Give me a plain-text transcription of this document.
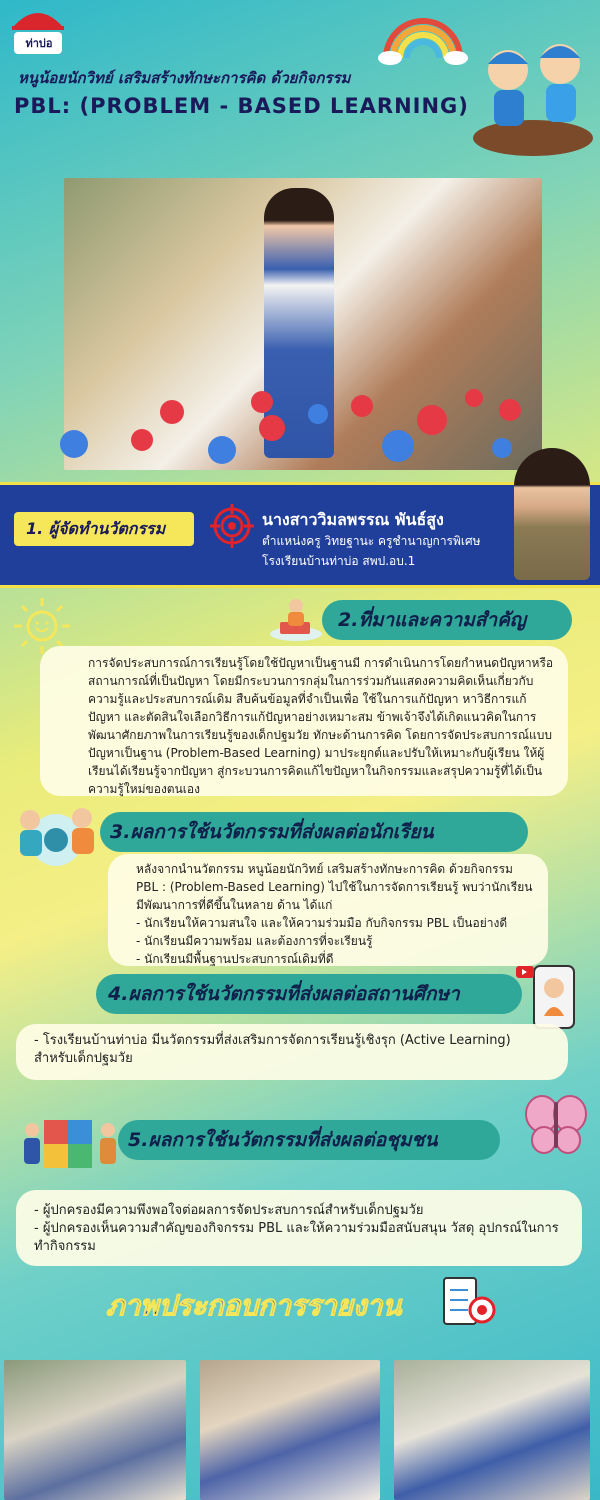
ท่าบ่อ
หนูน้อยนักวิทย์ เสริมสร้างทักษะการคิด ด้วยกิจกรรม
PBL: (PROBLEM - BASED LEARNING)
1. ผู้จัดทำนวัตกรรม	นางสาววิมลพรรณ พันธ์สูง
ตำแหน่งครู วิทยฐานะ ครูชำนาญการพิเศษ
โรงเรียนบ้านท่าบ่อ สพป.อบ.1
2.ที่มาและความสำคัญ
การจัดประสบการณ์การเรียนรู้โดยใช้ปัญหาเป็นฐานมี การดำเนินการโดยกำหนดปัญหาหรือสถานการณ์ที่เป็นปัญหา โดยมีกระบวนการกลุ่มในการร่วมกันแสดงความคิดเห็นเกี่ยวกับความรู้และประสบการณ์เดิม สืบค้นข้อมูลที่จำเป็นเพื่อ ใช้ในการแก้ปัญหา หาวิธีการแก้ปัญหา และตัดสินใจเลือกวิธีการแก้ปัญหาอย่างเหมาะสม ข้าพเจ้าจึงได้เกิดแนวคิดในการพัฒนาศักยภาพในการเรียนรู้ของเด็กปฐมวัย ทักษะด้านการคิด โดยการจัดประสบการณ์แบบปัญหาเป็นฐาน (Problem-Based Learning) มาประยุกต์และปรับให้เหมาะกับผู้เรียน ให้ผู้เรียนได้เรียนรู้จากปัญหา สู่กระบวนการคิดแก้ไขปัญหาในกิจกรรมและสรุปความรู้ที่ได้เป็นความรู้ใหม่ของตนเอง
3.ผลการใช้นวัตกรรมที่ส่งผลต่อนักเรียน
หลังจากนำนวัตกรรม หนูน้อยนักวิทย์ เสริมสร้างทักษะการคิด ด้วยกิจกรรม PBL : (Problem-Based Learning) ไปใช้ในการจัดการเรียนรู้ พบว่านักเรียนมีพัฒนาการที่ดีขึ้นในหลาย ด้าน ได้แก่
- นักเรียนให้ความสนใจ และให้ความร่วมมือ กับกิจกรรม PBL เป็นอย่างดี
- นักเรียนมีความพร้อม และต้องการที่จะเรียนรู้
- นักเรียนมีพื้นฐานประสบการณ์เดิมที่ดี
4.ผลการใช้นวัตกรรมที่ส่งผลต่อสถานศึกษา
- โรงเรียนบ้านท่าบ่อ มีนวัตกรรมที่ส่งเสริมการจัดการเรียนรู้เชิงรุก (Active Learning) สำหรับเด็กปฐมวัย
5.ผลการใช้นวัตกรรมที่ส่งผลต่อชุมชน
- ผู้ปกครองมีความพึงพอใจต่อผลการจัดประสบการณ์สำหรับเด็กปฐมวัย
- ผู้ปกครองเห็นความสำคัญของกิจกรรม PBL และให้ความร่วมมือสนับสนุน วัสดุ อุปกรณ์ในการทำกิจกรรม
ภาพประกอบการรายงาน
